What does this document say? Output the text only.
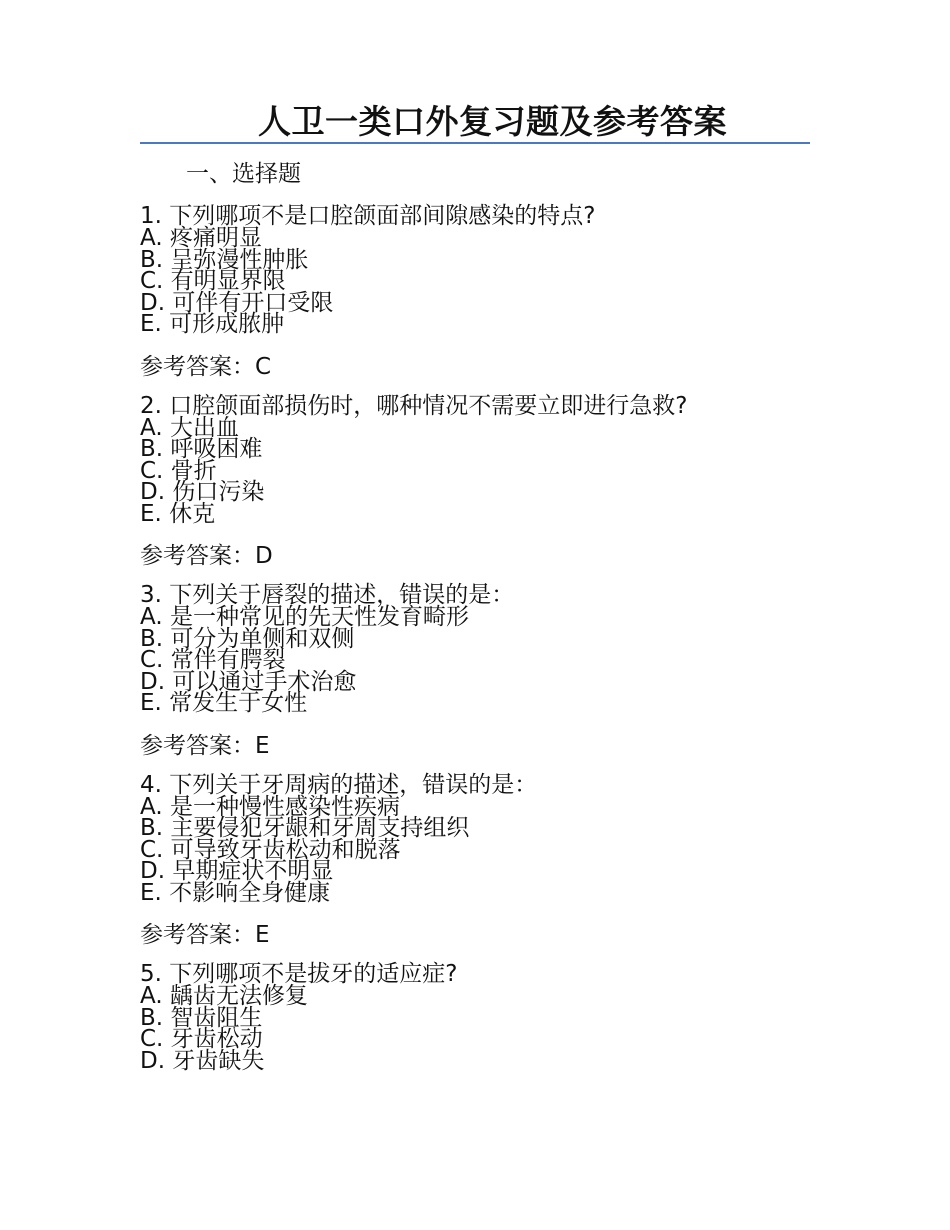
人卫一类口外复习题及参考答案
一、选择题
1. 下列哪项不是口腔颌面部间隙感染的特点?
A. 疼痛明显
B. 呈弥漫性肿胀
C. 有明显界限
D. 可伴有开口受限
E. 可形成脓肿
参考答案：C
2. 口腔颌面部损伤时，哪种情况不需要立即进行急救?
A. 大出血
B. 呼吸困难
C. 骨折
D. 伤口污染
E. 休克
参考答案：D
3. 下列关于唇裂的描述，错误的是：
A. 是一种常见的先天性发育畸形
B. 可分为单侧和双侧
C. 常伴有腭裂
D. 可以通过手术治愈
E. 常发生于女性
参考答案：E
4. 下列关于牙周病的描述，错误的是：
A. 是一种慢性感染性疾病
B. 主要侵犯牙龈和牙周支持组织
C. 可导致牙齿松动和脱落
D. 早期症状不明显
E. 不影响全身健康
参考答案：E
5. 下列哪项不是拔牙的适应症?
A. 龋齿无法修复
B. 智齿阻生
C. 牙齿松动
D. 牙齿缺失
